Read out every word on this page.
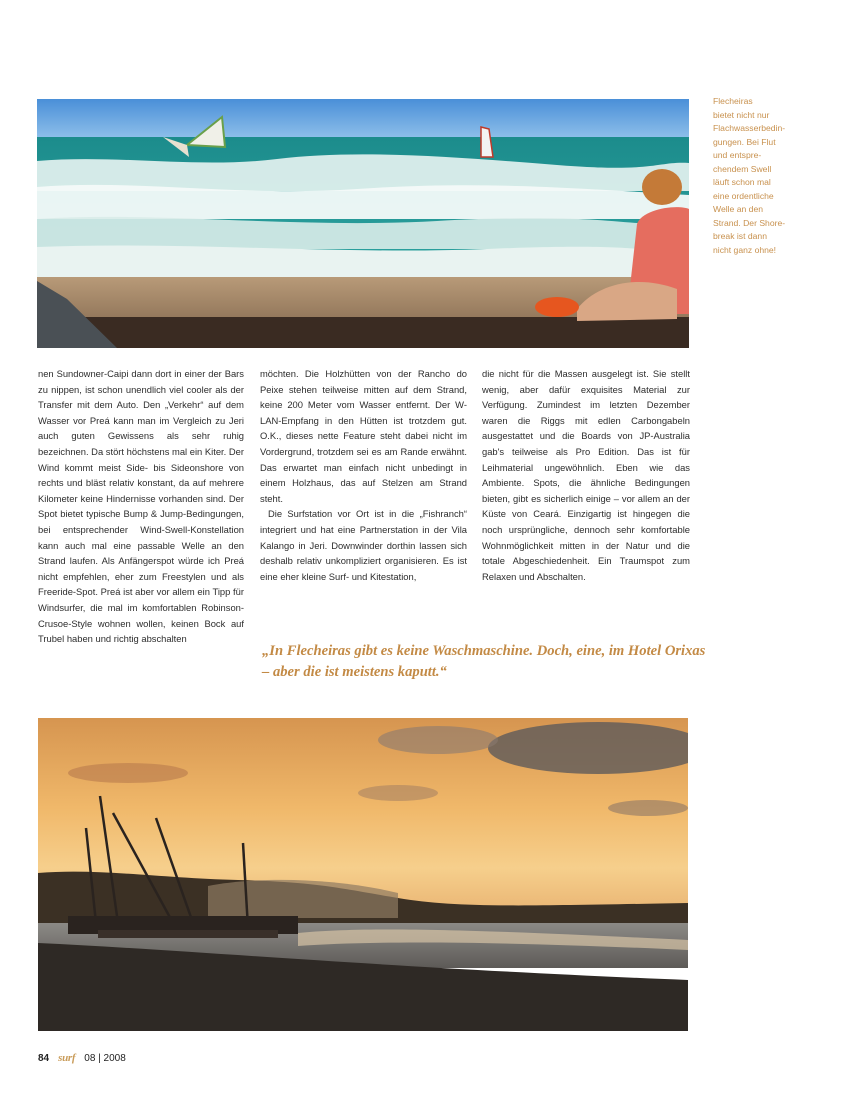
Flecheiras
bietet nicht nur
Flachwasserbedin-
gungen. Bei Flut
und entspre-
chendem Swell
läuft schon mal
eine ordentliche
Welle an den
Strand. Der Shore-
break ist dann
nicht ganz ohne!

nen Sundowner-Caipi dann dort in einer der Bars zu nippen, ist schon unendlich viel cooler als der Transfer mit dem Auto. Den „Verkehr“ auf dem Wasser vor Preá kann man im Vergleich zu Jeri auch guten Gewissens als sehr ruhig bezeichnen. Da stört höchstens mal ein Kiter. Der Wind kommt meist Side- bis Sideonshore von rechts und bläst relativ konstant, da auf mehrere Kilometer keine Hindernisse vorhanden sind. Der Spot bietet typische Bump & Jump-Bedingungen, bei entsprechender Wind-Swell-Konstellation kann auch mal eine passable Welle an den Strand laufen. Als Anfängerspot würde ich Preá nicht empfehlen, eher zum Freestylen und als Freeride-Spot. Preá ist aber vor allem ein Tipp für Windsurfer, die mal im komfortablen Robinson-Crusoe-Style wohnen wollen, keinen Bock auf Trubel haben und richtig abschalten

möchten. Die Holzhütten von der Rancho do Peixe stehen teilweise mitten auf dem Strand, keine 200 Meter vom Wasser entfernt. Der W-LAN-Empfang in den Hütten ist trotzdem gut. O.K., dieses nette Feature steht dabei nicht im Vordergrund, trotzdem sei es am Rande erwähnt. Das erwartet man einfach nicht unbedingt in einem Holzhaus, das auf Stelzen am Strand steht.

Die Surfstation vor Ort ist in die „Fishranch“ integriert und hat eine Partnerstation in der Vila Kalango in Jeri. Downwinder dorthin lassen sich deshalb relativ unkompliziert organisieren. Es ist eine eher kleine Surf- und Kitestation,

die nicht für die Massen ausgelegt ist. Sie stellt wenig, aber dafür exquisites Material zur Verfügung. Zumindest im letzten Dezember waren die Riggs mit edlen Carbongabeln ausgestattet und die Boards von JP-Australia gab's teilweise als Pro Edition. Das ist für Leihmaterial ungewöhnlich. Eben wie das Ambiente. Spots, die ähnliche Bedingungen bieten, gibt es sicherlich einige – vor allem an der Küste von Ceará. Einzigartig ist hingegen die noch ursprüngliche, dennoch sehr komfortable Wohnmöglichkeit mitten in der Natur und die totale Abgeschiedenheit. Ein Traumspot zum Relaxen und Abschalten.

„In Flecheiras gibt es keine Waschmaschine. Doch, eine, im Hotel Orixas – aber die ist meistens kaputt.“
84 surf 08 | 2008
